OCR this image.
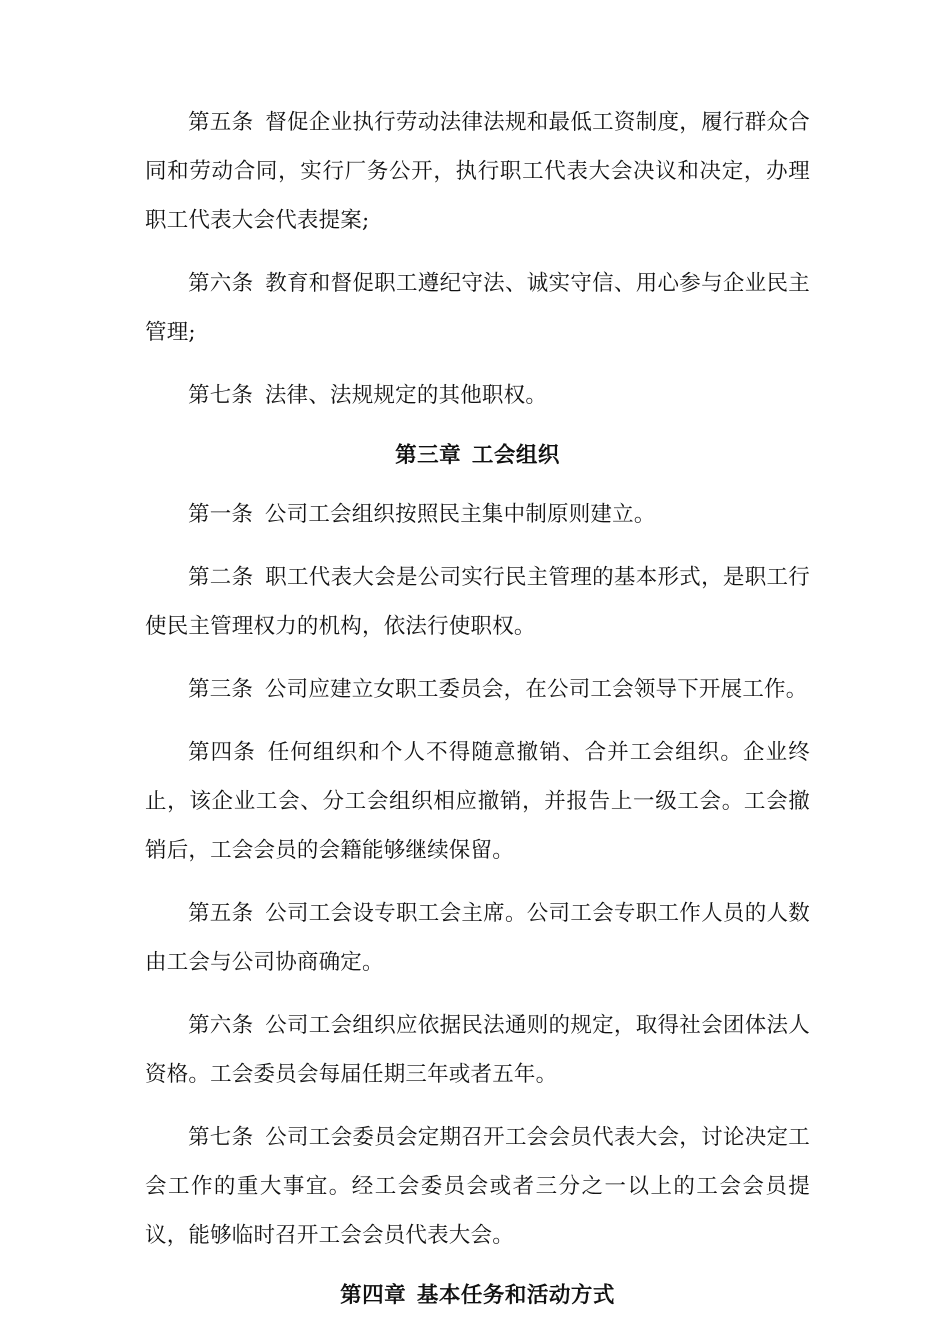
第五条 督促企业执行劳动法律法规和最低工资制度，履行群众合同和劳动合同，实行厂务公开，执行职工代表大会决议和决定，办理职工代表大会代表提案;

第六条 教育和督促职工遵纪守法、诚实守信、用心参与企业民主管理;

第七条 法律、法规规定的其他职权。

第三章 工会组织

第一条 公司工会组织按照民主集中制原则建立。

第二条 职工代表大会是公司实行民主管理的基本形式，是职工行使民主管理权力的机构，依法行使职权。

第三条 公司应建立女职工委员会，在公司工会领导下开展工作。

第四条 任何组织和个人不得随意撤销、合并工会组织。企业终止，该企业工会、分工会组织相应撤销，并报告上一级工会。工会撤销后，工会会员的会籍能够继续保留。

第五条 公司工会设专职工会主席。公司工会专职工作人员的人数由工会与公司协商确定。

第六条 公司工会组织应依据民法通则的规定，取得社会团体法人资格。工会委员会每届任期三年或者五年。

第七条 公司工会委员会定期召开工会会员代表大会，讨论决定工会工作的重大事宜。经工会委员会或者三分之一以上的工会会员提议，能够临时召开工会会员代表大会。

第四章 基本任务和活动方式
